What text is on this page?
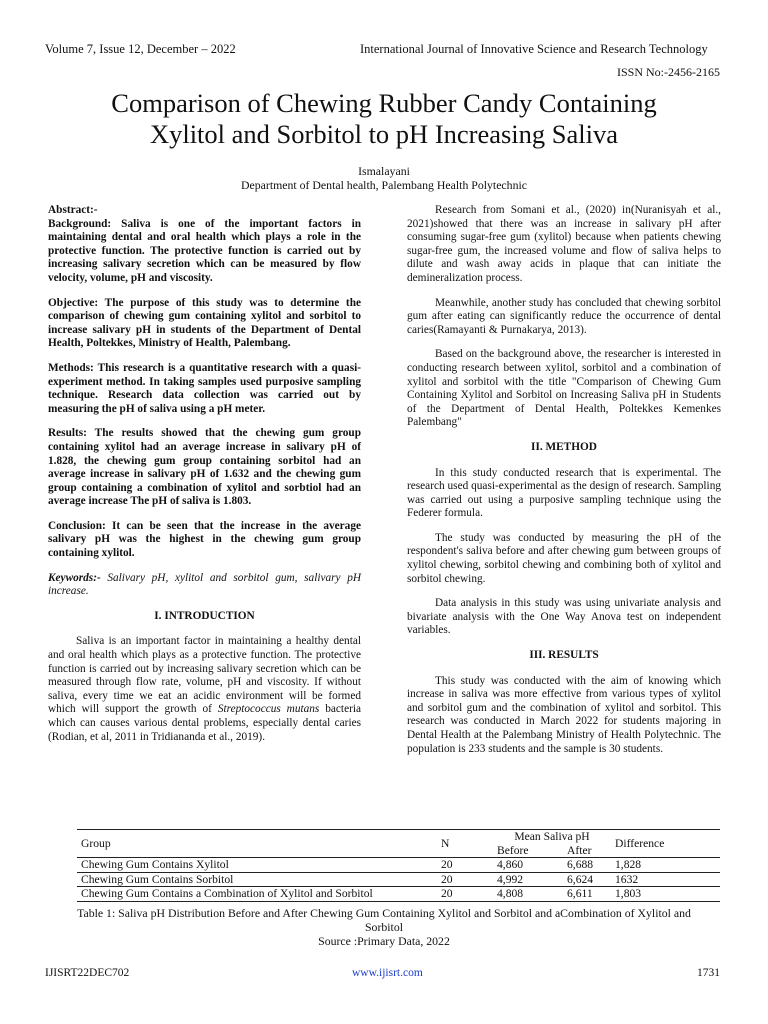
Volume 7, Issue 12, December – 2022	International Journal of Innovative Science and Research Technology
ISSN No:-2456-2165
Comparison of Chewing Rubber Candy Containing
Xylitol and Sorbitol to pH Increasing Saliva
Ismalayani
Department of Dental health, Palembang Health Polytechnic

Abstract:-

Background: Saliva is one of the important factors in maintaining dental and oral health which plays a role in the protective function. The protective function is carried out by increasing salivary secretion which can be measured by flow velocity, volume, pH and viscosity.

Objective: The purpose of this study was to determine the comparison of chewing gum containing xylitol and sorbitol to increase salivary pH in students of the Department of Dental Health, Poltekkes, Ministry of Health, Palembang.

Methods: This research is a quantitative research with a quasi-experiment method. In taking samples used purposive sampling technique. Research data collection was carried out by measuring the pH of saliva using a pH meter.

Results: The results showed that the chewing gum group containing xylitol had an average increase in salivary pH of 1.828, the chewing gum group containing sorbitol had an average increase in salivary pH of 1.632 and the chewing gum group containing a combination of xylitol and sorbtiol had an average increase The pH of saliva is 1.803.

Conclusion: It can be seen that the increase in the average salivary pH was the highest in the chewing gum group containing xylitol.

Keywords:- Salivary pH, xylitol and sorbitol gum, salivary pH increase.

I. INTRODUCTION

Saliva is an important factor in maintaining a healthy dental and oral health which plays as a protective function. The protective function is carried out by increasing salivary secretion which can be measured through flow rate, volume, pH and viscosity. If without saliva, every time we eat an acidic environment will be formed which will support the growth of Streptococcus mutans bacteria which can causes various dental problems, especially dental caries (Rodian, et al, 2011 in Tridiananda et al., 2019).

Research from Somani et al., (2020) in(Nuranisyah et al., 2021)showed that there was an increase in salivary pH after consuming sugar-free gum (xylitol) because when patients chewing sugar-free gum, the increased volume and flow of saliva helps to dilute and wash away acids in plaque that can initiate the demineralization process.

Meanwhile, another study has concluded that chewing sorbitol gum after eating can significantly reduce the occurrence of dental caries(Ramayanti & Purnakarya, 2013).

Based on the background above, the researcher is interested in conducting research between xylitol, sorbitol and a combination of xylitol and sorbitol with the title "Comparison of Chewing Gum Containing Xylitol and Sorbitol on Increasing Saliva pH in Students of the Department of Dental Health, Poltekkes Kemenkes Palembang"

II. METHOD

In this study conducted research that is experimental. The research used quasi-experimental as the design of research. Sampling was carried out using a purposive sampling technique using the Federer formula.

The study was conducted by measuring the pH of the respondent's saliva before and after chewing gum between groups of xylitol chewing, sorbitol chewing and combining both of xylitol and sorbitol chewing.

Data analysis in this study was using univariate analysis and bivariate analysis with the One Way Anova test on independent variables.

III. RESULTS

This study was conducted with the aim of knowing which increase in saliva was more effective from various types of xylitol and sorbitol gum and the combination of xylitol and sorbitol. This research was conducted in March 2022 for students majoring in Dental Health at the Palembang Ministry of Health Polytechnic. The population is 233 students and the sample is 30 students.

Group	N	Mean Saliva pH		Difference
		Before	After	
Chewing Gum Contains Xylitol	20	4,860	6,688	1,828
Chewing Gum Contains Sorbitol	20	4,992	6,624	1632
Chewing Gum Contains a Combination of Xylitol and Sorbitol	20	4,808	6,611	1,803
Table 1: Saliva pH Distribution Before and After Chewing Gum Containing Xylitol and Sorbitol and aCombination of Xylitol and
Sorbitol
Source :Primary Data, 2022
IJISRT22DEC702	www.ijisrt.com	1731
